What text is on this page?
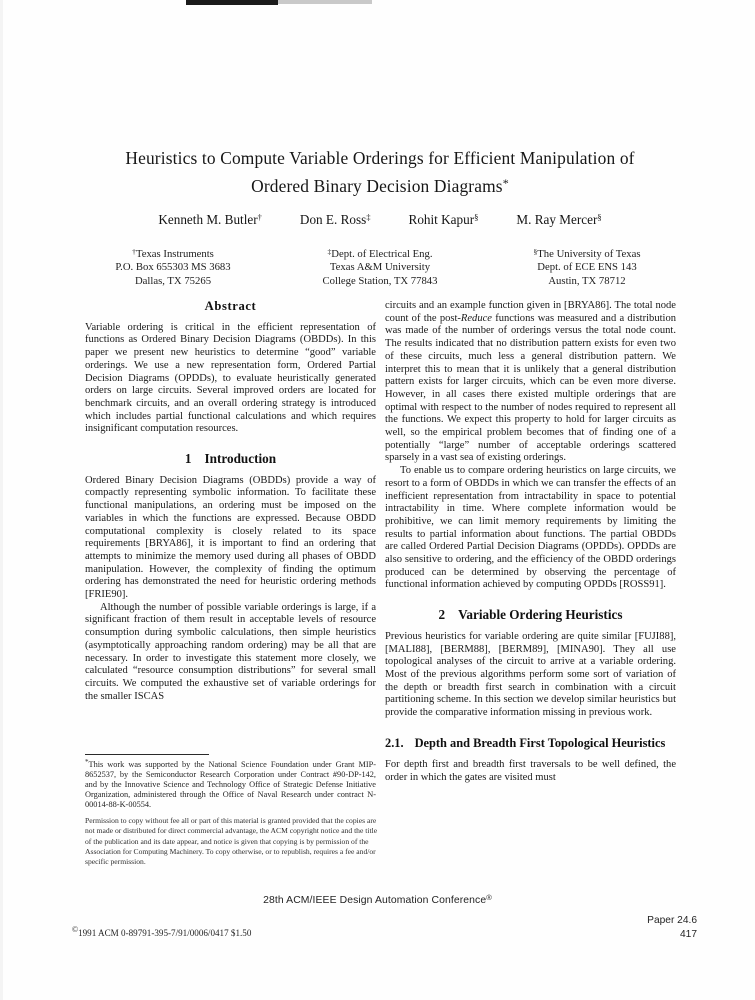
Heuristics to Compute Variable Orderings for Efficient Manipulation of
Ordered Binary Decision Diagrams*
Kenneth M. Butler†	Don E. Ross‡	Rohit Kapur§	M. Ray Mercer§
†Texas Instruments
P.O. Box 655303 MS 3683
Dallas, TX 75265
‡Dept. of Electrical Eng.
Texas A&M University
College Station, TX 77843
§The University of Texas
Dept. of ECE ENS 143
Austin, TX 78712
Abstract

Variable ordering is critical in the efficient representation of functions as Ordered Binary Decision Diagrams (OBDDs). In this paper we present new heuristics to determine “good” variable orderings. We use a new representation form, Ordered Partial Decision Diagrams (OPDDs), to evaluate heuristically generated orders on large circuits. Several improved orders are located for benchmark circuits, and an overall ordering strategy is introduced which includes partial functional calculations and which requires insignificant computation resources.

1 Introduction

Ordered Binary Decision Diagrams (OBDDs) provide a way of compactly representing symbolic information. To facilitate these functional manipulations, an ordering must be imposed on the variables in which the functions are expressed. Because OBDD computational complexity is closely related to its space requirements [BRYA86], it is important to find an ordering that attempts to minimize the memory used during all phases of OBDD manipulation. However, the complexity of finding the optimum ordering has demonstrated the need for heuristic ordering methods [FRIE90].

Although the number of possible variable orderings is large, if a significant fraction of them result in acceptable levels of resource consumption during symbolic calculations, then simple heuristics (asymptotically approaching random ordering) may be all that are necessary. In order to investigate this statement more closely, we calculated “resource consumption distributions” for several small circuits. We computed the exhaustive set of variable orderings for the smaller ISCAS

circuits and an example function given in [BRYA86]. The total node count of the post-Reduce functions was measured and a distribution was made of the number of orderings versus the total node count. The results indicated that no distribution pattern exists for even two of these circuits, much less a general distribution pattern. We interpret this to mean that it is unlikely that a general distribution pattern exists for larger circuits, which can be even more diverse. However, in all cases there existed multiple orderings that are optimal with respect to the number of nodes required to represent all the functions. We expect this property to hold for larger circuits as well, so the empirical problem becomes that of finding one of a potentially “large” number of acceptable orderings scattered sparsely in a vast sea of existing orderings.

To enable us to compare ordering heuristics on large circuits, we resort to a form of OBDDs in which we can transfer the effects of an inefficient representation from intractability in space to potential intractability in time. Where complete information would be prohibitive, we can limit memory requirements by limiting the results to partial information about functions. The partial OBDDs are called Ordered Partial Decision Diagrams (OPDDs). OPDDs are also sensitive to ordering, and the efficiency of the OBDD orderings produced can be determined by observing the percentage of functional information achieved by computing OPDDs [ROSS91].

2 Variable Ordering Heuristics

Previous heuristics for variable ordering are quite similar [FUJI88], [MALI88], [BERM88], [BERM89], [MINA90]. They all use topological analyses of the circuit to arrive at a variable ordering. Most of the previous algorithms perform some sort of variation of the depth or breadth first search in combination with a circuit partitioning scheme. In this section we develop similar heuristics but provide the comparative information missing in previous work.

2.1. Depth and Breadth First Topological Heuristics

For depth first and breadth first traversals to be well defined, the order in which the gates are visited must

*This work was supported by the National Science Foundation under Grant MIP-8652537, by the Semiconductor Research Corporation under Contract #90-DP-142, and by the Innovative Science and Technology Office of Strategic Defense Initiative Organization, administered through the Office of Naval Research under contract N-00014-88-K-00554.
Permission to copy without fee all or part of this material is granted provided that the copies are not made or distributed for direct commercial advantage, the ACM copyright notice and the title of the publication and its date appear, and notice is given that copying is by permission of the Association for Computing Machinery. To copy otherwise, or to republish, requires a fee and/or specific permission.
28th ACM/IEEE Design Automation Conference®
©1991 ACM 0-89791-395-7/91/0006/0417 $1.50
Paper 24.6
417
